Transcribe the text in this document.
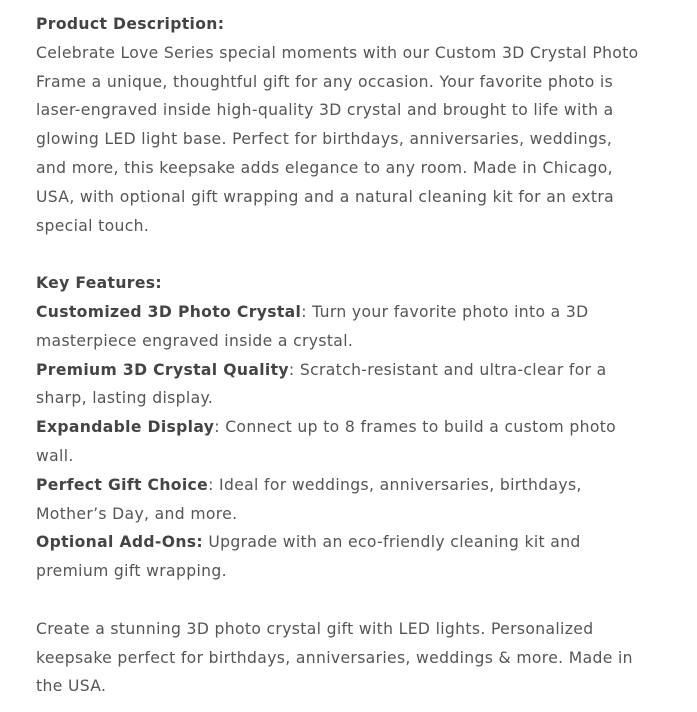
Product Description:

Celebrate Love Series special moments with our Custom 3D Crystal Photo Frame a unique, thoughtful gift for any occasion. Your favorite photo is laser-engraved inside high-quality 3D crystal and brought to life with a glowing LED light base. Perfect for birthdays, anniversaries, weddings, and more, this keepsake adds elegance to any room. Made in Chicago, USA, with optional gift wrapping and a natural cleaning kit for an extra special touch.

Key Features:

Customized 3D Photo Crystal: Turn your favorite photo into a 3D masterpiece engraved inside a crystal.

Premium 3D Crystal Quality: Scratch-resistant and ultra-clear for a sharp, lasting display.

Expandable Display: Connect up to 8 frames to build a custom photo wall.

Perfect Gift Choice: Ideal for weddings, anniversaries, birthdays, Mother’s Day, and more.

Optional Add-Ons: Upgrade with an eco-friendly cleaning kit and premium gift wrapping.

Create a stunning 3D photo crystal gift with LED lights. Personalized keepsake perfect for birthdays, anniversaries, weddings & more. Made in the USA.
